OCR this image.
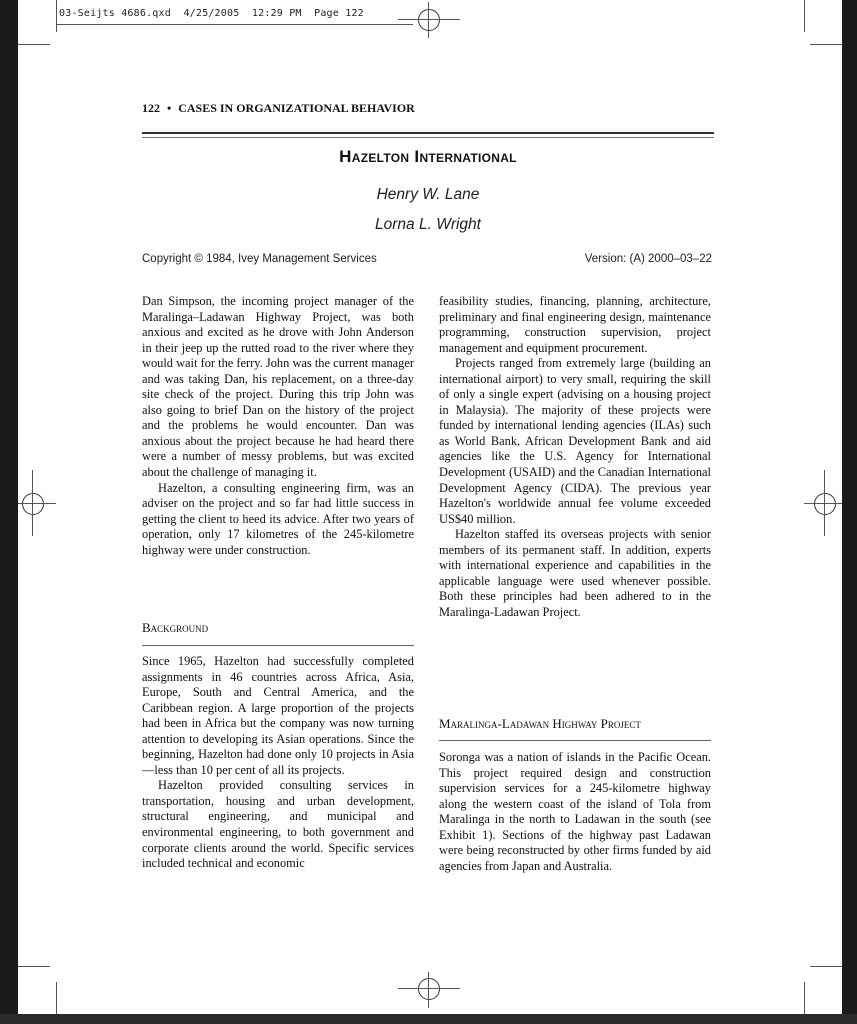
03-Seijts 4686.qxd 4/25/2005 12:29 PM Page 122
122 • CASES IN ORGANIZATIONAL BEHAVIOR
Hazelton International
Henry W. Lane
Lorna L. Wright
Copyright © 1984, Ivey Management Services	Version: (A) 2000–03–22

Dan Simpson, the incoming project manager of the Maralinga–Ladawan Highway Project, was both anxious and excited as he drove with John Anderson in their jeep up the rutted road to the river where they would wait for the ferry. John was the current manager and was taking Dan, his replacement, on a three-day site check of the project. During this trip John was also going to brief Dan on the history of the project and the problems he would encounter. Dan was anxious about the project because he had heard there were a number of messy problems, but was excited about the challenge of managing it.

Hazelton, a consulting engineering firm, was an adviser on the project and so far had little success in getting the client to heed its advice. After two years of operation, only 17 kilometres of the 245-kilometre highway were under construction.

Background

Since 1965, Hazelton had successfully completed assignments in 46 countries across Africa, Asia, Europe, South and Central America, and the Caribbean region. A large proportion of the projects had been in Africa but the company was now turning attention to developing its Asian operations. Since the beginning, Hazelton had done only 10 projects in Asia—less than 10 per cent of all its projects.

Hazelton provided consulting services in transportation, housing and urban development, structural engineering, and municipal and environmental engineering, to both government and corporate clients around the world. Specific services included technical and economic

feasibility studies, financing, planning, architecture, preliminary and final engineering design, maintenance programming, construction supervision, project management and equipment procurement.

Projects ranged from extremely large (building an international airport) to very small, requiring the skill of only a single expert (advising on a housing project in Malaysia). The majority of these projects were funded by international lending agencies (ILAs) such as World Bank, African Development Bank and aid agencies like the U.S. Agency for International Development (USAID) and the Canadian International Development Agency (CIDA). The previous year Hazelton's worldwide annual fee volume exceeded US$40 million.

Hazelton staffed its overseas projects with senior members of its permanent staff. In addition, experts with international experience and capabilities in the applicable language were used whenever possible. Both these principles had been adhered to in the Maralinga-Ladawan Project.

Maralinga-Ladawan Highway Project

Soronga was a nation of islands in the Pacific Ocean. This project required design and construction supervision services for a 245-kilometre highway along the western coast of the island of Tola from Maralinga in the north to Ladawan in the south (see Exhibit 1). Sections of the highway past Ladawan were being reconstructed by other firms funded by aid agencies from Japan and Australia.
